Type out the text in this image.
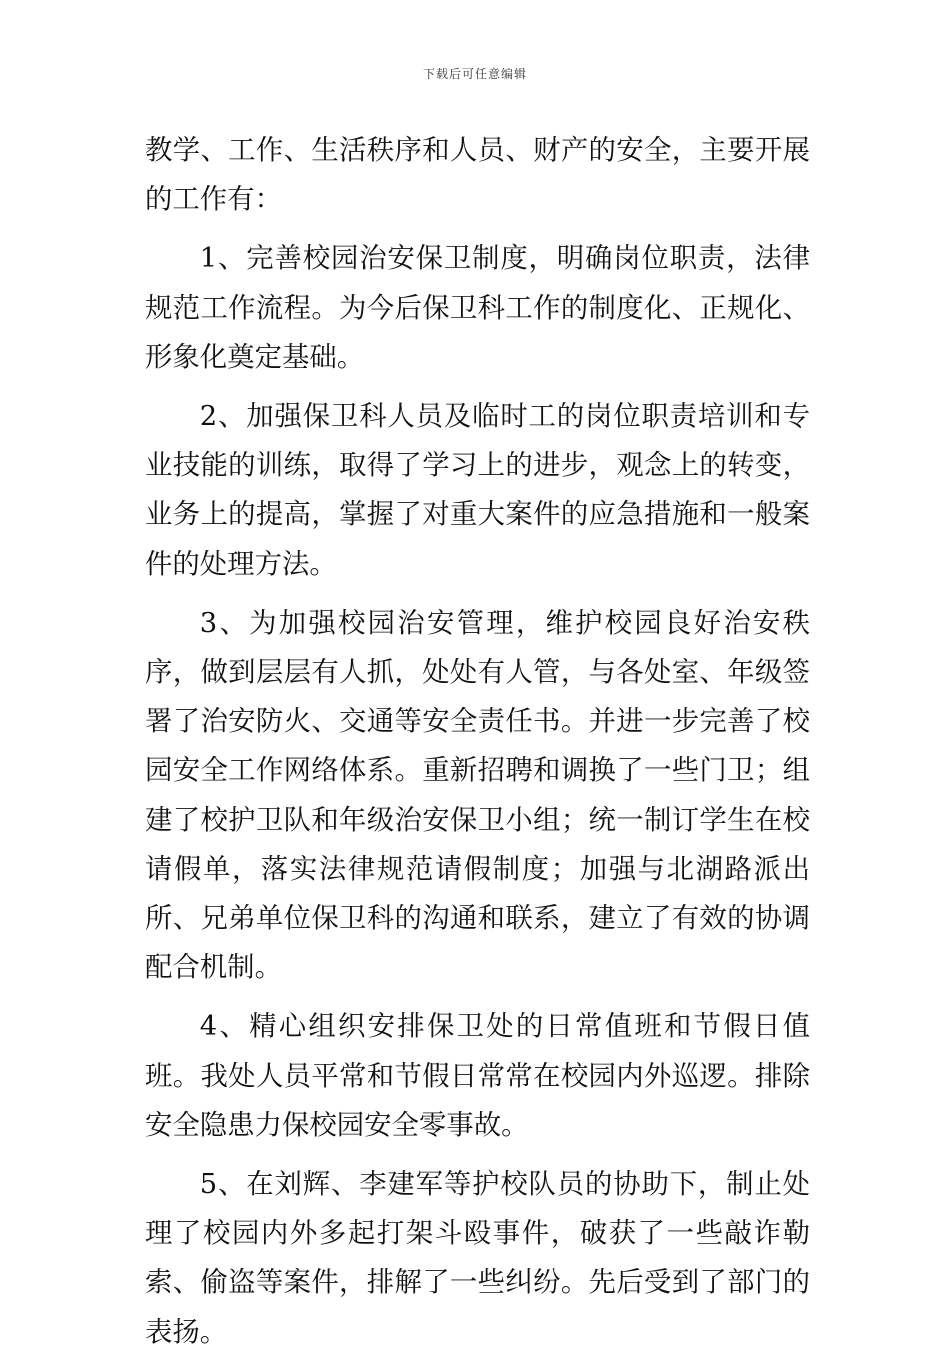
下载后可任意编辑

教学、工作、生活秩序和人员、财产的安全，主要开展的工作有：

1、完善校园治安保卫制度，明确岗位职责，法律规范工作流程。为今后保卫科工作的制度化、正规化、形象化奠定基础。

2、加强保卫科人员及临时工的岗位职责培训和专业技能的训练，取得了学习上的进步，观念上的转变，业务上的提高，掌握了对重大案件的应急措施和一般案件的处理方法。

3、为加强校园治安管理，维护校园良好治安秩序，做到层层有人抓，处处有人管，与各处室、年级签署了治安防火、交通等安全责任书。并进一步完善了校园安全工作网络体系。重新招聘和调换了一些门卫；组建了校护卫队和年级治安保卫小组；统一制订学生在校请假单，落实法律规范请假制度；加强与北湖路派出所、兄弟单位保卫科的沟通和联系，建立了有效的协调配合机制。

4、精心组织安排保卫处的日常值班和节假日值班。我处人员平常和节假日常常在校园内外巡逻。排除安全隐患力保校园安全零事故。

5、在刘辉、李建军等护校队员的协助下，制止处理了校园内外多起打架斗殴事件，破获了一些敲诈勒索、偷盗等案件，排解了一些纠纷。先后受到了部门的表扬。
